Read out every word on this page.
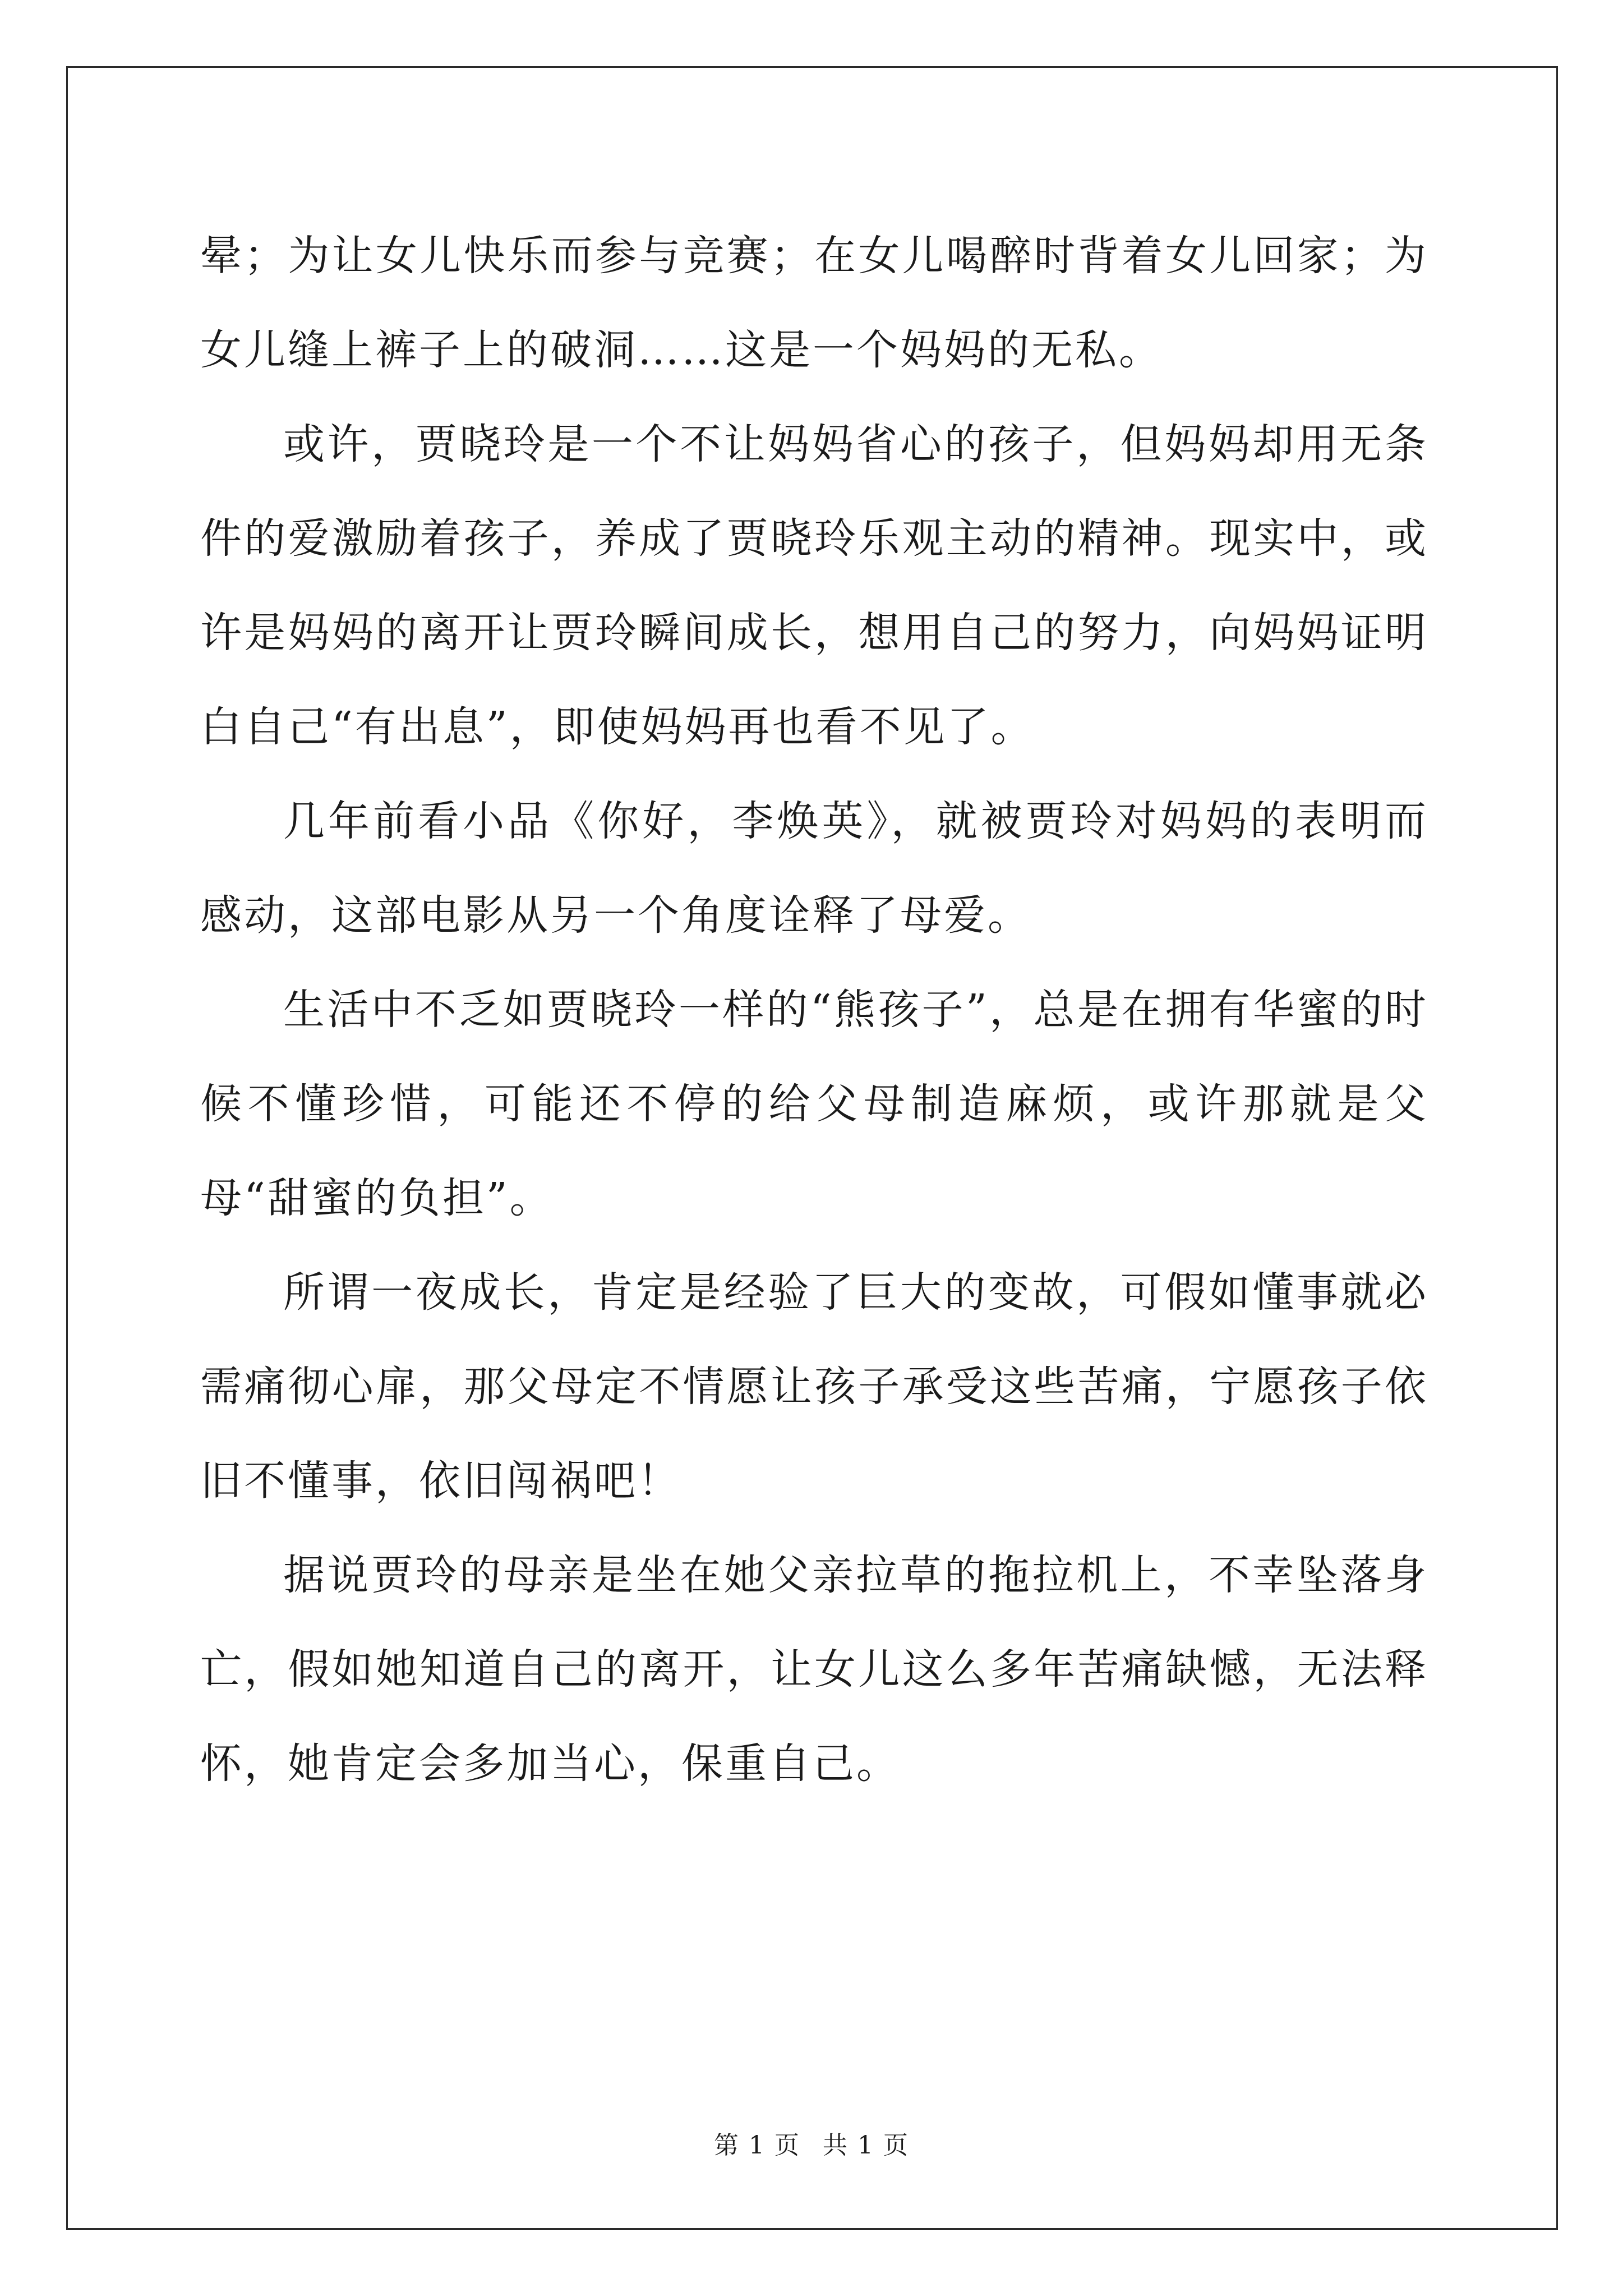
晕；为让女儿快乐而参与竞赛；在女儿喝醉时背着女儿回家；为女儿缝上裤子上的破洞……这是一个妈妈的无私。

或许，贾晓玲是一个不让妈妈省心的孩子，但妈妈却用无条件的爱激励着孩子，养成了贾晓玲乐观主动的精神。现实中，或许是妈妈的离开让贾玲瞬间成长，想用自己的努力，向妈妈证明白自己“有出息”，即使妈妈再也看不见了。

几年前看小品《你好，李焕英》，就被贾玲对妈妈的表明而感动，这部电影从另一个角度诠释了母爱。

生活中不乏如贾晓玲一样的“熊孩子”，总是在拥有华蜜的时候不懂珍惜，可能还不停的给父母制造麻烦，或许那就是父母“甜蜜的负担”。

所谓一夜成长，肯定是经验了巨大的变故，可假如懂事就必需痛彻心扉，那父母定不情愿让孩子承受这些苦痛，宁愿孩子依旧不懂事，依旧闯祸吧！

据说贾玲的母亲是坐在她父亲拉草的拖拉机上，不幸坠落身亡，假如她知道自己的离开，让女儿这么多年苦痛缺憾，无法释怀，她肯定会多加当心，保重自己。

第 1 页 共 1 页
